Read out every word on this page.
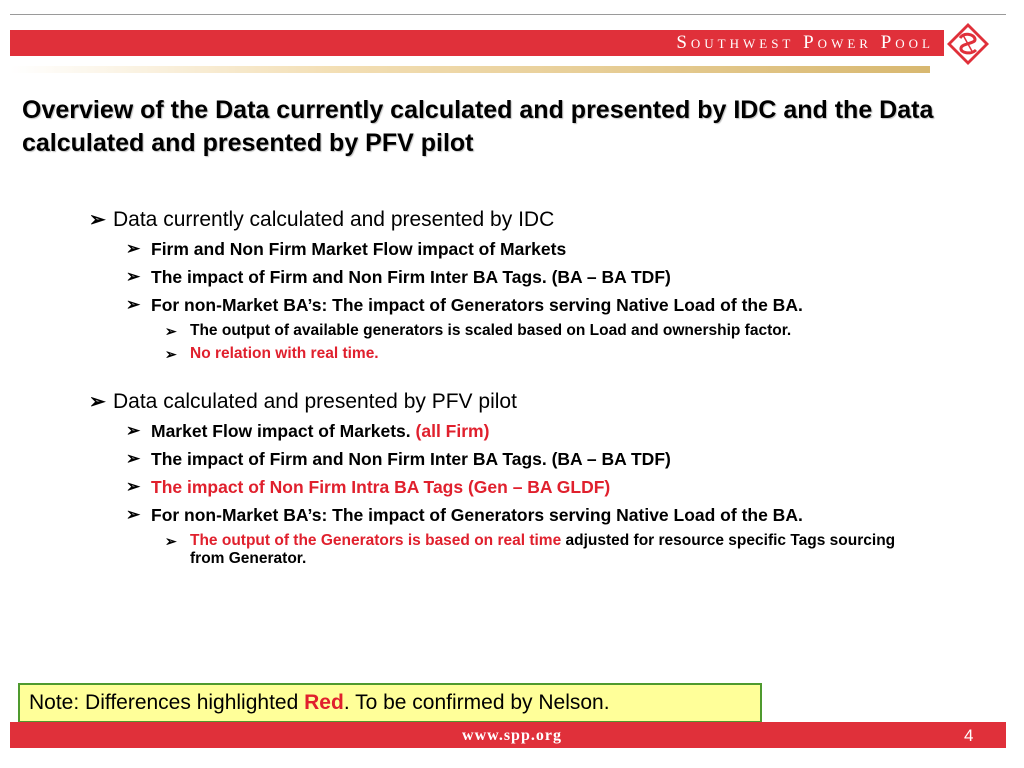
Southwest Power Pool
Overview of the Data currently calculated and presented by IDC and the Data calculated and presented by PFV pilot
➢ Data currently calculated and presented by IDC
➢ Firm and Non Firm Market Flow impact of Markets
➢ The impact of Firm and Non Firm Inter BA Tags. (BA – BA TDF)
➢ For non-Market BA’s: The impact of Generators serving Native Load of the BA.
➢ The output of available generators is scaled based on Load and ownership factor.
➢ No relation with real time.
➢ Data calculated and presented by PFV pilot
➢ Market Flow impact of Markets. (all Firm)
➢ The impact of Firm and Non Firm Inter BA Tags. (BA – BA TDF)
➢ The impact of Non Firm Intra BA Tags (Gen – BA GLDF)
➢ For non-Market BA’s: The impact of Generators serving Native Load of the BA.
➢ The output of the Generators is based on real time adjusted for resource specific Tags sourcing from Generator.
Note: Differences highlighted Red. To be confirmed by Nelson.
www.spp.org	4
